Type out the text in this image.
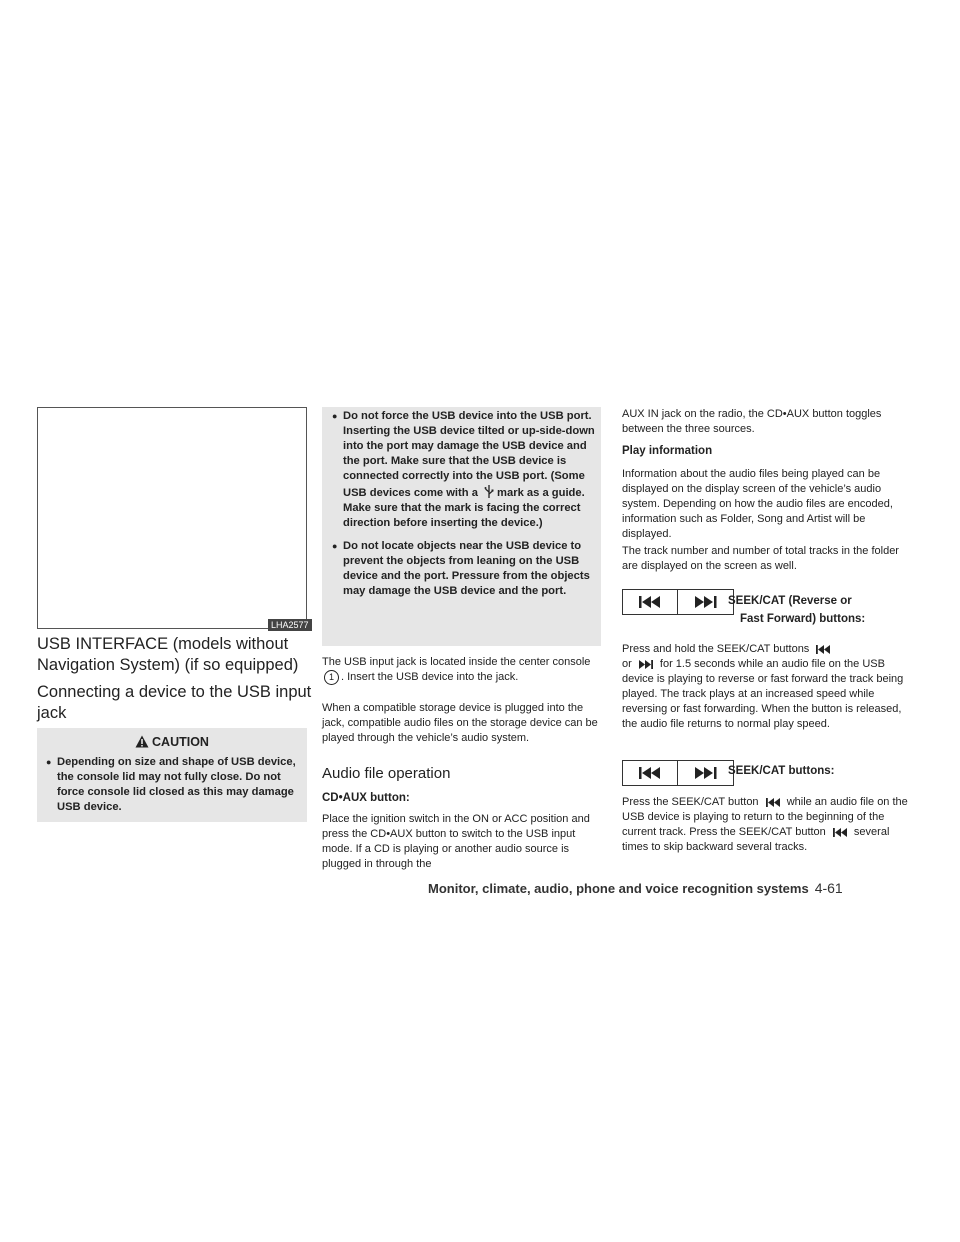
LHA2577
USB INTERFACE (models without Navigation System) (if so equipped)
Connecting a device to the USB input jack
CAUTION
● Depending on size and shape of USB device, the console lid may not fully close. Do not force console lid closed as this may damage USB device.
● Do not force the USB device into the USB port. Inserting the USB device tilted or up-side-down into the port may damage the USB device and the port. Make sure that the USB device is connected correctly into the USB port. (Some USB devices come with a mark as a guide. Make sure that the mark is facing the correct direction before inserting the device.)
● Do not locate objects near the USB device to prevent the objects from leaning on the USB device and the port. Pressure from the objects may damage the USB device and the port.
The USB input jack is located inside the center console 1 . Insert the USB device into the jack.
When a compatible storage device is plugged into the jack, compatible audio files on the storage device can be played through the vehicle’s audio system.
Audio file operation
CD•AUX button:
Place the ignition switch in the ON or ACC position and press the CD•AUX button to switch to the USB input mode. If a CD is playing or another audio source is plugged in through the
AUX IN jack on the radio, the CD•AUX button toggles between the three sources.
Play information
Information about the audio files being played can be displayed on the display screen of the vehicle’s audio system. Depending on how the audio files are encoded, information such as Folder, Song and Artist will be displayed.
The track number and number of total tracks in the folder are displayed on the screen as well.
SEEK/CAT (Reverse or
Fast Forward) buttons:
Press and hold the SEEK/CAT buttons
or	for 1.5 seconds while an audio file on the USB device is playing to reverse or fast forward the track being played. The track plays at an increased speed while reversing or fast forwarding. When the button is released, the audio file returns to normal play speed.
SEEK/CAT buttons:
Press the SEEK/CAT button	while an audio file on the USB device is playing to return to the beginning of the current track. Press the SEEK/CAT button	several times to skip backward several tracks.
Monitor, climate, audio, phone and voice recognition systems 4-61
